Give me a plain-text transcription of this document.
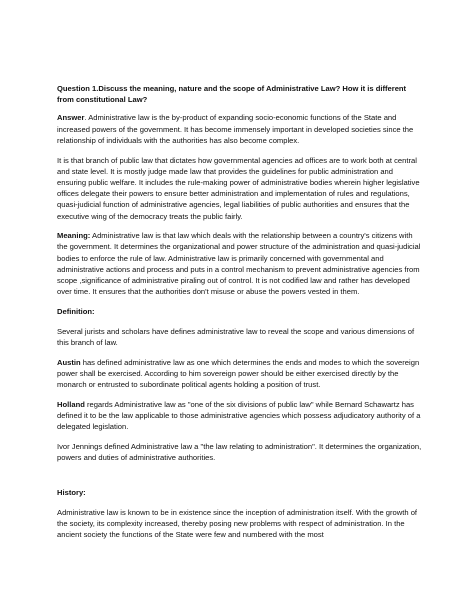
Question 1.Discuss the meaning, nature and the scope of Administrative Law? How it is different from constitutional Law?

Answer. Administrative law is the by-product of expanding socio-economic functions of the State and increased powers of the government. It has become immensely important in developed societies since the relationship of individuals with the authorities has also become complex.

It is that branch of public law that dictates how governmental agencies ad offices are to work both at central and state level. It is mostly judge made law that provides the guidelines for public administration and ensuring public welfare. It includes the rule-making power of administrative bodies wherein higher legislative offices delegate their powers to ensure better administration and implementation of rules and regulations, quasi-judicial function of administrative agencies, legal liabilities of public authorities and ensures that the executive wing of the democracy treats the public fairly.

Meaning: Administrative law is that law which deals with the relationship between a country's citizens with the government. It determines the organizational and power structure of the administration and quasi-judicial bodies to enforce the rule of law. Administrative law is primarily concerned with governmental and administrative actions and process and puts in a control mechanism to prevent administrative agencies from scope ,significance of administrative piraling out of control. It is not codified law and rather has developed over time. It ensures that the authorities don't misuse or abuse the powers vested in them.

Definition:

Several jurists and scholars have defines administrative law to reveal the scope and various dimensions of this branch of law.

Austin has defined administrative law as one which determines the ends and modes to which the sovereign power shall be exercised. According to him sovereign power should be either exercised directly by the monarch or entrusted to subordinate political agents holding a position of trust.

Holland regards Administrative law as "one of the six divisions of public law" while Bernard Schawartz has defined it to be the law applicable to those administrative agencies which possess adjudicatory authority of a delegated legislation.

Ivor Jennings defined Administrative law a "the law relating to administration". It determines the organization, powers and duties of administrative authorities.

History:

Administrative law is known to be in existence since the inception of administration itself. With the growth of the society, its complexity increased, thereby posing new problems with respect of administration. In the ancient society the functions of the State were few and numbered with the most
